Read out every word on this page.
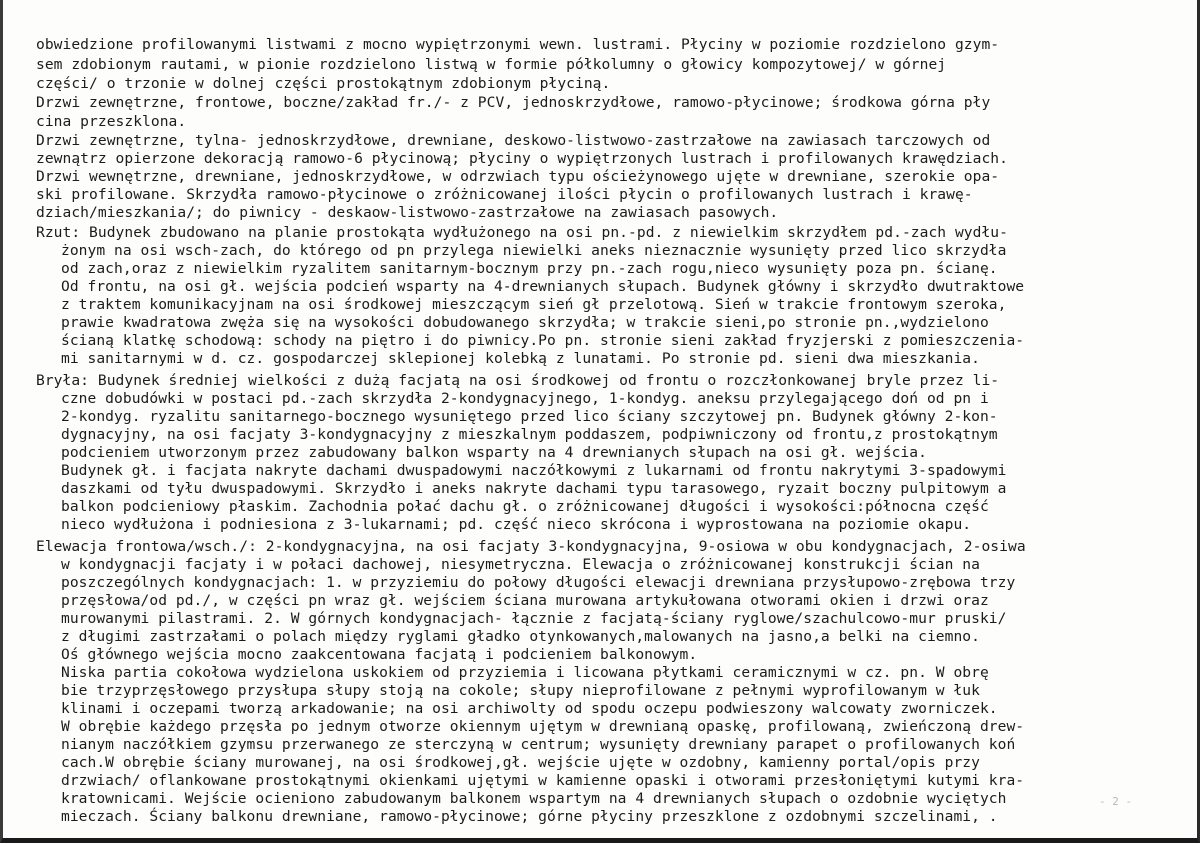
obwiedzione profilowanymi listwami z mocno wypiętrzonymi wewn. lustrami. Płyciny w poziomie rozdzielono gzym-
sem zdobionym rautami, w pionie rozdzielono listwą w formie półkolumny o głowicy kompozytowej/ w górnej
części/ o trzonie w dolnej części prostokątnym zdobionym płyciną.
Drzwi zewnętrzne, frontowe, boczne/zakład fr./- z PCV, jednoskrzydłowe, ramowo-płycinowe; środkowa górna pły
cina przeszklona.
Drzwi zewnętrzne, tylna- jednoskrzydłowe, drewniane, deskowo-listwowo-zastrzałowe na zawiasach tarczowych od
zewnątrz opierzone dekoracją ramowo-6 płycinową; płyciny o wypiętrzonych lustrach i profilowanych krawędziach.
Drzwi wewnętrzne, drewniane, jednoskrzydłowe, w odrzwiach typu ościeżynowego ujęte w drewniane, szerokie opa-
ski profilowane. Skrzydła ramowo-płycinowe o zróżnicowanej ilości płycin o profilowanych lustrach i krawę-
dziach/mieszkania/; do piwnicy - deskaow-listwowo-zastrzałowe na zawiasach pasowych.
Rzut: Budynek zbudowano na planie prostokąta wydłużonego na osi pn.-pd. z niewielkim skrzydłem pd.-zach wydłu-
żonym na osi wsch-zach, do którego od pn przylega niewielki aneks nieznacznie wysunięty przed lico skrzydła
od zach,oraz z niewielkim ryzalitem sanitarnym-bocznym przy pn.-zach rogu,nieco wysunięty poza pn. ścianę.
Od frontu, na osi gł. wejścia podcień wsparty na 4-drewnianych słupach. Budynek główny i skrzydło dwutraktowe
z traktem komunikacyjnam na osi środkowej mieszczącym sień gł przelotową. Sień w trakcie frontowym szeroka,
prawie kwadratowa zwęża się na wysokości dobudowanego skrzydła; w trakcie sieni,po stronie pn.,wydzielono
ścianą klatkę schodową: schody na piętro i do piwnicy.Po pn. stronie sieni zakład fryzjerski z pomieszczenia-
mi sanitarnymi w d. cz. gospodarczej sklepionej kolebką z lunatami. Po stronie pd. sieni dwa mieszkania.
Bryła: Budynek średniej wielkości z dużą facjatą na osi środkowej od frontu o rozczłonkowanej bryle przez li-
czne dobudówki w postaci pd.-zach skrzydła 2-kondygnacyjnego, 1-kondyg. aneksu przylegającego doń od pn i
2-kondyg. ryzalitu sanitarnego-bocznego wysuniętego przed lico ściany szczytowej pn. Budynek główny 2-kon-
dygnacyjny, na osi facjaty 3-kondygnacyjny z mieszkalnym poddaszem, podpiwniczony od frontu,z prostokątnym
podcieniem utworzonym przez zabudowany balkon wsparty na 4 drewnianych słupach na osi gł. wejścia.
Budynek gł. i facjata nakryte dachami dwuspadowymi naczółkowymi z lukarnami od frontu nakrytymi 3-spadowymi
daszkami od tyłu dwuspadowymi. Skrzydło i aneks nakryte dachami typu tarasowego, ryzait boczny pulpitowym a
balkon podcieniowy płaskim. Zachodnia połać dachu gł. o zróżnicowanej długości i wysokości:północna część
nieco wydłużona i podniesiona z 3-lukarnami; pd. część nieco skrócona i wyprostowana na poziomie okapu.
Elewacja frontowa/wsch./: 2-kondygnacyjna, na osi facjaty 3-kondygnacyjna, 9-osiowa w obu kondygnacjach, 2-osiwa
w kondygnacji facjaty i w połaci dachowej, niesymetryczna. Elewacja o zróżnicowanej konstrukcji ścian na
poszczególnych kondygnacjach: 1. w przyziemiu do połowy długości elewacji drewniana przysłupowo-zrębowa trzy
przęsłowa/od pd./, w części pn wraz gł. wejściem ściana murowana artykułowana otworami okien i drzwi oraz
murowanymi pilastrami. 2. W górnych kondygnacjach- łącznie z facjatą-ściany ryglowe/szachulcowo-mur pruski/
z długimi zastrzałami o polach między ryglami gładko otynkowanych,malowanych na jasno,a belki na ciemno.
Oś głównego wejścia mocno zaakcentowana facjatą i podcieniem balkonowym.
Niska partia cokołowa wydzielona uskokiem od przyziemia i licowana płytkami ceramicznymi w cz. pn. W obrę
bie trzyprzęsłowego przysłupa słupy stoją na cokole; słupy nieprofilowane z pełnymi wyprofilowanym w łuk
klinami i oczepami tworzą arkadowanie; na osi archiwolty od spodu oczepu podwieszony walcowaty zworniczek.
W obrębie każdego przęsła po jednym otworze okiennym ujętym w drewnianą opaskę, profilowaną, zwieńczoną drew-
nianym naczółkiem gzymsu przerwanego ze sterczyną w centrum; wysunięty drewniany parapet o profilowanych koń
cach.W obrębie ściany murowanej, na osi środkowej,gł. wejście ujęte w ozdobny, kamienny portal/opis przy
drzwiach/ oflankowane prostokątnymi okienkami ujętymi w kamienne opaski i otworami przesłoniętymi kutymi kra-
kratownicami. Wejście ocieniono zabudowanym balkonem wspartym na 4 drewnianych słupach o ozdobnie wyciętych
mieczach. Ściany balkonu drewniane, ramowo-płycinowe; górne płyciny przeszklone z ozdobnymi szczelinami, .
- 2 -
